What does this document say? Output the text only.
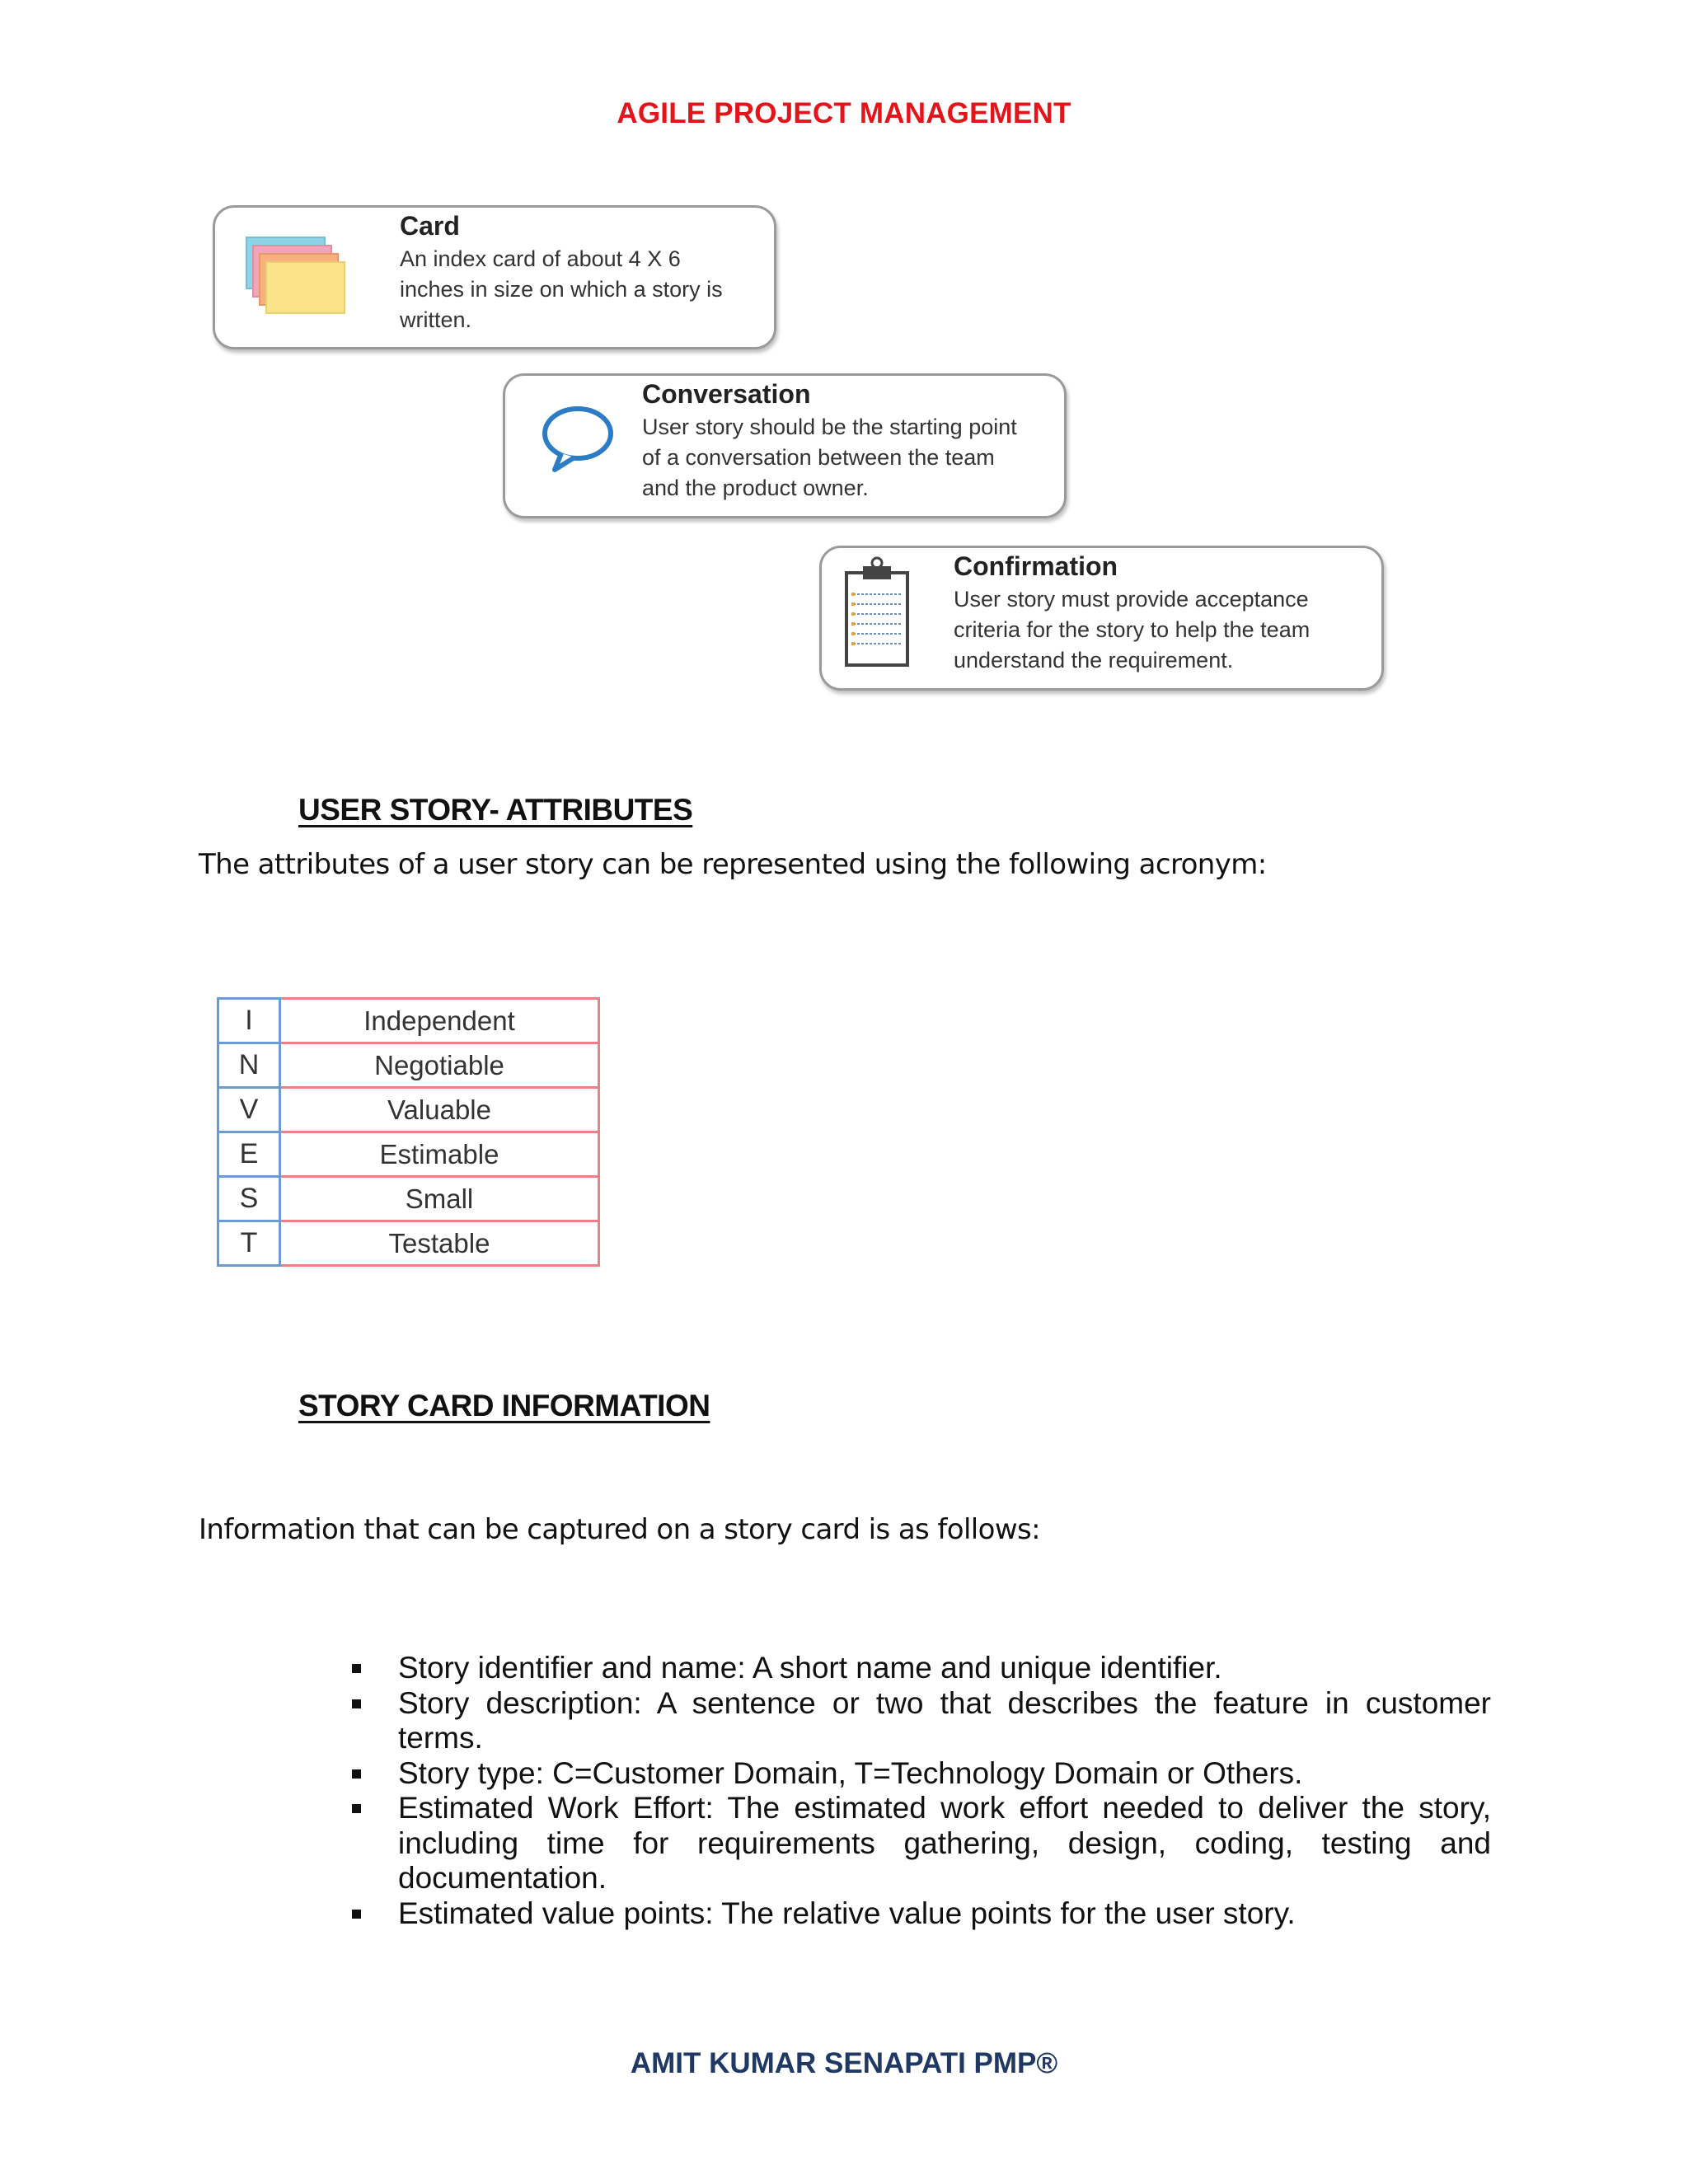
AGILE PROJECT MANAGEMENT
Card
An index card of about 4 X 6
inches in size on which a story is
written.
Conversation
User story should be the starting point
of a conversation between the team
and the product owner.
Confirmation
User story must provide acceptance
criteria for the story to help the team
understand the requirement.
USER STORY- ATTRIBUTES
The attributes of a user story can be represented using the following acronym:
I	Independent
N	Negotiable
V	Valuable
E	Estimable
S	Small
T	Testable
STORY CARD INFORMATION
Information that can be captured on a story card is as follows:
Story identifier and name: A short name and unique identifier.
Story description: A sentence or two that describes the feature in customer terms.
Story type: C=Customer Domain, T=Technology Domain or Others.
Estimated Work Effort: The estimated work effort needed to deliver the story, including time for requirements gathering, design, coding, testing and documentation.
Estimated value points: The relative value points for the user story.
AMIT KUMAR SENAPATI PMP®
